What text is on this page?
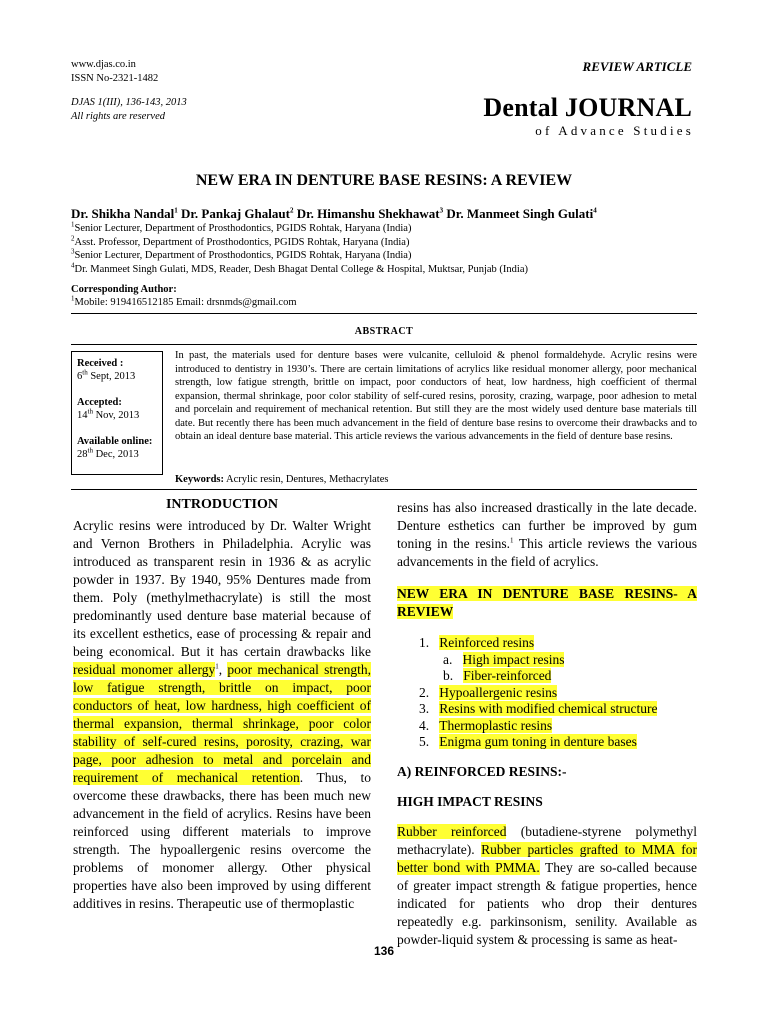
www.djas.co.in
ISSN No-2321-1482
DJAS 1(III), 136-143, 2013
All rights are reserved
REVIEW ARTICLE
Dental JOURNAL
of Advance Studies
NEW ERA IN DENTURE BASE RESINS: A REVIEW
Dr. Shikha Nandal$^1$ Dr. Pankaj Ghalaut$^2$ Dr. Himanshu Shekhawat$^3$ Dr. Manmeet Singh Gulati$^4$
$^1$Senior Lecturer, Department of Prosthodontics, PGIDS Rohtak, Haryana (India)
$^2$Asst. Professor, Department of Prosthodontics, PGIDS Rohtak, Haryana (India)
$^3$Senior Lecturer, Department of Prosthodontics, PGIDS Rohtak, Haryana (India)
$^4$Dr. Manmeet Singh Gulati, MDS, Reader, Desh Bhagat Dental College & Hospital, Muktsar, Punjab (India)
Corresponding Author:
$^1$Mobile: 919416512185 Email: drsnmds@gmail.com
ABSTRACT
Received :
6th Sept, 2013
Accepted:
14th Nov, 2013
Available online:
28th Dec, 2013
In past, the materials used for denture bases were vulcanite, celluloid & phenol formaldehyde. Acrylic resins were introduced to dentistry in 1930’s. There are certain limitations of acrylics like residual monomer allergy, poor mechanical strength, low fatigue strength, brittle on impact, poor conductors of heat, low hardness, high coefficient of thermal expansion, thermal shrinkage, poor color stability of self-cured resins, porosity, crazing, warpage, poor adhesion to metal and porcelain and requirement of mechanical retention. But still they are the most widely used denture base materials till date. But recently there has been much advancement in the field of denture base resins to overcome their drawbacks and to obtain an ideal denture base material. This article reviews the various advancements in the field of denture base resins.
Keywords: Acrylic resin, Dentures, Methacrylates
INTRODUCTION
Acrylic resins were introduced by Dr. Walter Wright and Vernon Brothers in Philadelphia. Acrylic was introduced as transparent resin in 1936 & as acrylic powder in 1937. By 1940, 95% Dentures made from them. Poly (methylmethacrylate) is still the most predominantly used denture base material because of its excellent esthetics, ease of processing & repair and being economical. But it has certain drawbacks like residual monomer allergy$^1$, poor mechanical strength, low fatigue strength, brittle on impact, poor conductors of heat, low hardness, high coefficient of thermal expansion, thermal shrinkage, poor color stability of self-cured resins, porosity, crazing, war page, poor adhesion to metal and porcelain and requirement of mechanical retention. Thus, to overcome these drawbacks, there has been much new advancement in the field of acrylics. Resins have been reinforced using different materials to improve strength. The hypoallergenic resins overcome the problems of monomer allergy. Other physical properties have also been improved by using different additives in resins. Therapeutic use of thermoplastic
resins has also increased drastically in the late decade. Denture esthetics can further be improved by gum toning in the resins.$^1$ This article reviews the various advancements in the field of acrylics.
NEW ERA IN DENTURE BASE RESINS- A REVIEW
1. Reinforced resins
a. High impact resins
b. Fiber-reinforced
2. Hypoallergenic resins
3. Resins with modified chemical structure
4. Thermoplastic resins
5. Enigma gum toning in denture bases
A) REINFORCED RESINS:-
HIGH IMPACT RESINS
Rubber reinforced (butadiene-styrene polymethyl methacrylate). Rubber particles grafted to MMA for better bond with PMMA. They are so-called because of greater impact strength & fatigue properties, hence indicated for patients who drop their dentures repeatedly e.g. parkinsonism, senility. Available as powder-liquid system & processing is same as heat-
136
